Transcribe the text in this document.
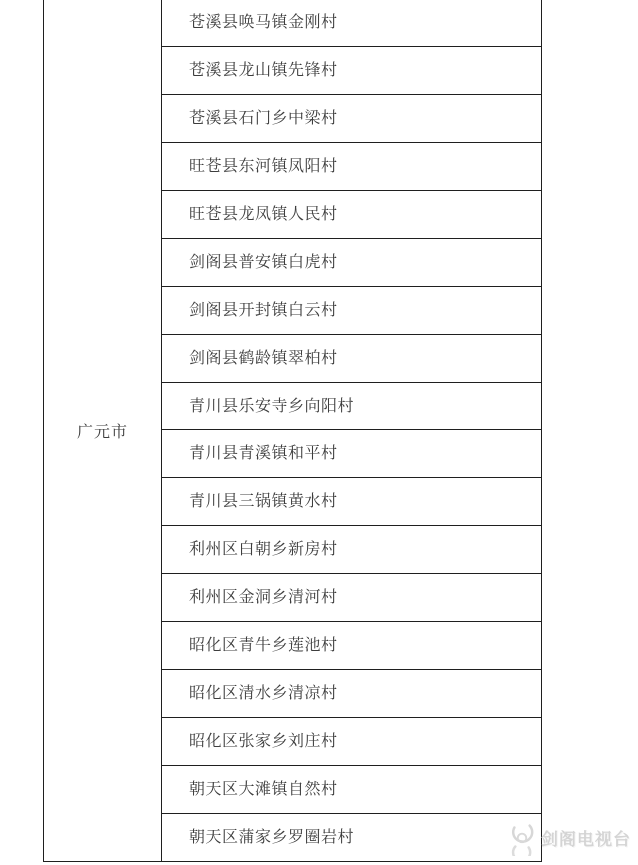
广元市
苍溪县唤马镇金刚村
苍溪县龙山镇先锋村
苍溪县石门乡中梁村
旺苍县东河镇凤阳村
旺苍县龙凤镇人民村
剑阁县普安镇白虎村
剑阁县开封镇白云村
剑阁县鹤龄镇翠柏村
青川县乐安寺乡向阳村
青川县青溪镇和平村
青川县三锅镇黄水村
利州区白朝乡新房村
利州区金洞乡清河村
昭化区青牛乡莲池村
昭化区清水乡清凉村
昭化区张家乡刘庄村
朝天区大滩镇自然村
朝天区蒲家乡罗圈岩村	剑阁电视台
